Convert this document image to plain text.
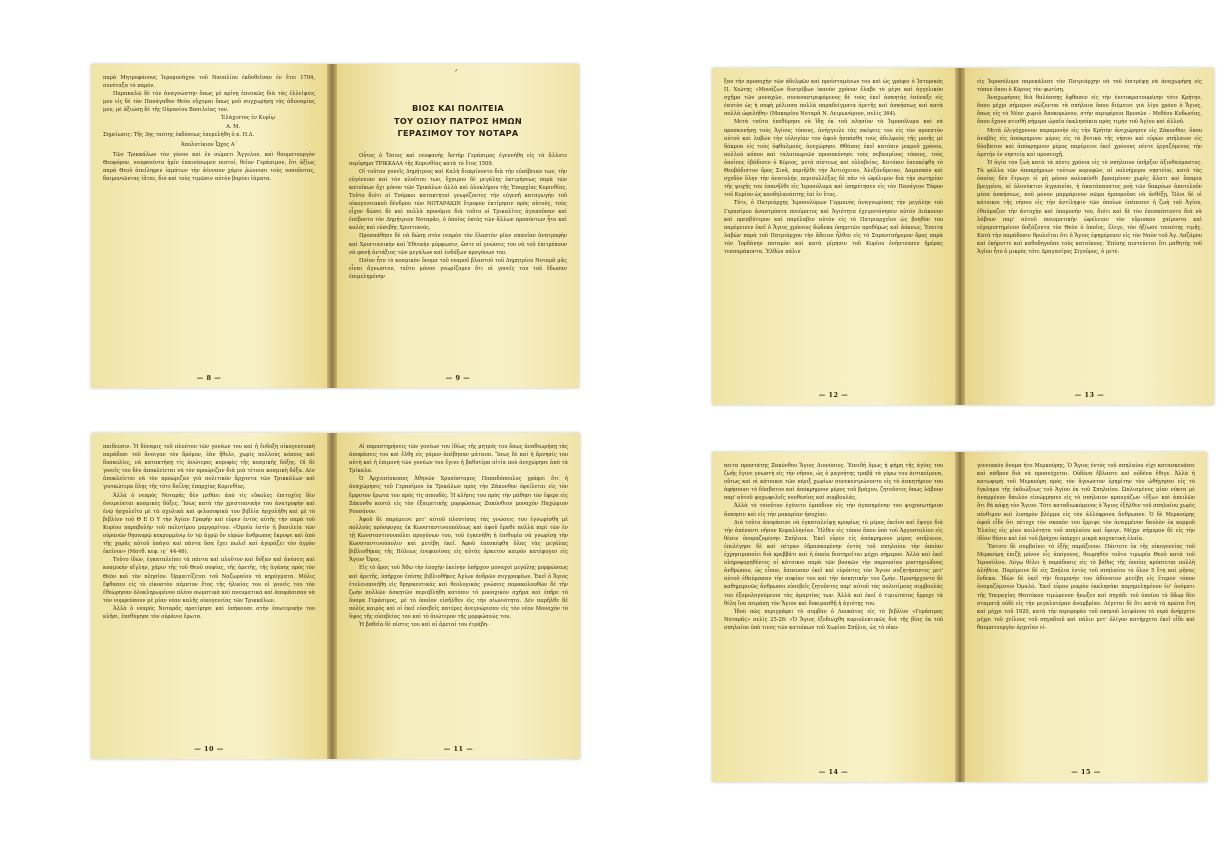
παρά Μητροφάνους Ἱερομονάχου τοῦ Ναυπλίου ἐκδοθεῖσαν ἐν ἔτει 1704, συνέταξα τὸ παρόν.

Παρακαλῶ δὲ τὸν ἀναγνώστην ὅπως μὲ κρίνῃ ἐπιεικῶς διὰ τὰς ἐλλείψεις μου εἰς δὲ τὸν Πανάγαθον Θεὸν εὔχομαι ὅπως μοῦ συγχωρήσῃ τὰς ἀδυναμίας μου, μὲ ἀξιώσῃ δὲ τῆς Οὐρανίου Βασιλείας του.

Ἐλάχιστος ἐν Κυρίῳ

Α. Μ.

Σημείωσις: Τῆς 3ης ταύτης ἐκδόσεως ἐπεμελήθη ὁ κ. Η.Δ.

Ἀπολυτίκιον ᾮχος Α΄

Τῶν Τρικκάλων τὸν γόνον καὶ ἐν σώματι Ἄγγελον, καὶ θαυματουργὸν Θεοφόρον, νεοφανέντα ἡμῖν ἐπαινέσωμεν πιστοί, θεῖον Γεράσιμον, ὅτι ἀξίως παρὰ Θεοῦ ἀπείληφεν ἰαμάτων τὴν ἀένναον χάριν ῥώννυσι τοὺς νοσοῦντας, δαιμονιῶντας ἰᾶται, διὸ καὶ τοὺς τιμῶσιν αὐτὸν βαρύει ἰάματα.

— 8 —
ˊ
ΒΙΟΣ ΚΑΙ ΠΟΛΙΤΕΙΑ
ΤΟΥ ΟΣΙΟΥ ΠΑΤΡΟΣ ΗΜΩΝ
ΓΕΡΑΣΙΜΟΥ ΤΟΥ ΝΟΤΑΡΑ

Οὗτος ὁ Ὅσιος καὶ νεοφανὴς Ἀστὴρ Γεράσιμος ἐγεννήθη εἰς τὰ ἄλλοτε περίφημα ΤΡΙΚΚΑΛΑ τῆς Κορινθίας κατὰ τὸ ἔτος 1509.

Οἱ τοῦτου γονεῖς Δημήτριος καὶ Καλὴ διεκρίνοντο διὰ τὴν εὐσέβειαν των, τὴν εὐγένειαν καὶ τὸν πλοῦτον των, ἔχαιρον δὲ μεγάλης ἐκτιμήσεως παρὰ τῶν κατοίκων ὄχι μόνον τῶν Τρικάλων ἀλλὰ καὶ ὁλοκλήρου τῆς Ἐπαρχίας Κορινθίας. Τοῦτο διότι οἱ Τσόρκοι κατακτηταὶ γνωρίζοντες τὴν εὐγενῆ καταγωγὴν τοῦ οἰκογενειακοῦ δένδρου τῶν ΝΟΤΑΡΑΙΩΝ ἔτρεφον ἐκτίμησιν πρὸς αὐτούς, τοὺς εἶχον δώσει δὲ καὶ πολλὰ προνόμια διὰ τοῦτο οἱ Τρικαλῖτες ἀγαποῦσαν καὶ ἐσέβοντο τὸν Δημήτριον Νοταρᾶν, ὁ ὁποῖος ἐκτὸς τῶν ἄλλων προσόντων ἦτο καὶ καλὸς καὶ εὐσεβὴς Χριστιανός.

Προσπάθησε δὲ νὰ δώσῃ στὸν νεαρὸν τὸν ἔλαστὸν μίαν σπανίαν ἀνατροφὴν καὶ Χριστιανικὴν καὶ Ἐθνικὴν μόρφωσιν, ὥστε αἱ γνώσεις του νὰ τοῦ ἐπιτρέπουν νὰ φανῇ ἀντάξιος τῶν μεγάλων καὶ ἐνδόξων προγόνων του.

Ποῖον ἦτο τὸ κοσμικὸν ὄνομα τοῦ νεαροῦ βλαστοῦ τοῦ Δημητρίου Νοταρᾶ μᾶς εἶναι ἄγνωστον, τοῦτο μόνον γνωρίζομεν ὅτι οἱ γονεῖς του τοῦ ἔδωσαν ἐπιμελημένην

— 9 —

ξαν τὴν προσοχὴν τῶν ἀδελφῶν καὶ προϊσταμένων του καὶ ὡς γράφει ὁ Ἱστορικὸς Π. Χιώτης «Μονάζων διατρίβων ἱκανὸν χρόνον ἔλαβε τὸ μέγα καὶ ἀγγελικὸν σχῆμα τῶν μοναχῶν, συναναστρεφόμενος δὲ τοὺς ἐκεῖ ἀσκητὰς ἐσύναξε εἰς ἑαυτὸν ὡς ἡ σοφὴ μέλισσα πολλὰ παραδείγματα ἀρετῆς καὶ ἀσκήσεως καὶ κατὰ πολλὰ ὠφελήθη» (Μακαρίου Νοταρᾶ Ν. Λειμωνάριον, σελὶς 364).

Μετὰ ταῦτα ἐπεθύμησε νὰ ἴδῃ ἐκ τοῦ πλησίον τὰ Ἱεροσόλυμα καὶ νὰ προσκυνήσῃ τοὺς Ἁγίους τόπους, ἀνήγγειλε τὰς σκέψεις του εἰς τὸν προεστὸν αὐτοῦ καὶ λαβὼν τὴν εὐλογίαν του ἀφοῦ ἠσπάσθη τοὺς ἀδελφοὺς τῆς μονῆς μὲ δάκρυα εἰς τοὺς ὀφθαλμούς, ἀνεχώρησε. Θθάσας ἐκεῖ κατόπιν μικροῦ χρόνου, πολλοὺ κόπου καὶ ταλαιπωριῶν προσεκύνησε τοὺς σεβασμίους τόπους, τοὺς ὁποίους ἐβάδισεν ὁ Κύριος, μετὰ πίστεως καὶ εὐλαβείας. Κατόπιν ἐπεσκέφθη τὸ Θεοβάδιστον ὄρος Σινᾶ, περιῆλθε τὴν Ἀντιόχειαν, Ἀλεξάνδρειαν, Δαμασκὸν καὶ σχεδὸν ὅλην τὴν ἀνατολήν, περισυλλέξας δὲ πᾶν τὸ ὠφέλιμον διὰ τὴν σωτηρίαν τῆς ψυχῆς του ἐπανῆλθε εἰς Ἱεροσόλυμα καὶ ὑπηρέτησεν εἰς τὸν Πανάγιον Τάφον τοῦ Κυρίου ὡς κανδηλανάπτης ἐπὶ ἓν ἔτος.

Τότε, ὁ Πατριάρχης Ἱεροσολύμων Γερμανὸς ἀναγνωρίσας τὴν μεγάλην τοῦ Γερασίμου ἀναστρόπτα πνεύματος καὶ Ἁγιότητα ἐχειροτόνησεν αὐτὸν Διάκονον καὶ πρεσβύτερον καὶ παρέλαβεν αὐτὸν εἰς τὸ Πατριαρχεῖον ὡς βοηθὸν του παρέμεινεν ἐκεῖ ὁ Ἅγιος χρόνους δώδεκα ὑπηρετῶν προθύμως καὶ ἀόκνως. Ἐπειτα λαβὼν παρὰ τοῦ Πατριάρχου τὴν ἄδειαν ἦλθεν εἰς τὸ Σαρανταήμερον ὄρος παρὰ τὸν Ἰορδάνην ποταμὸν καὶ κατὰ μίμησιν τοῦ Κυρίου ἐνήστευσεν ἡμέρας τεσσαράκοντα. Ἐλθὼν πάλιν

— 12 —

εἰς Ἱεροσόλυμα παρεκάλεσε τὸν Πατριάρχην νὰ τοῦ ἐπιτρέψῃ νὰ ἀναχωρήσῃ εἰς τόπον ὅπου ὁ Κύριος τὸν φωτίσῃ.

Ἀναχωρήσας διὰ θαλάσσης ἔφθασεν εἰς τὴν ἑνετοκρατουμένην τότε Κρήτην, ὅπου μέχρι σήμερον σώζονται τὰ σπήλαια ὅπου διέμεινε γιὰ λίγο χρόνο ὁ Ἅγιος, ὅπως εἰς τὸ Νέον χωριὸ Ἀποκορώνου, στὴν περιφέρεια Βρυσῶν - Μεθέου Κυδωνίας, ὅπου ἔχουν κτισθῆ σήμερα ὡραῖα ἐκκλησάκια πρὸς τιμὴν τοῦ Ἁγίου καὶ ἀλλοῦ.

Μετὰ ὀλιγόχρονον παραμονὴν εἰς τὴν Κρήτην ἀνεχώρησεν εἰς Ζάκυνθον, ὅπου ἀναβὰς εἰς ἀπόκρημνον μέρος εἰς τὰ βυτικὰ τῆς νήσου καὶ εὑρὼν σπήλαιον εἰς δύσβατον καὶ ἀπόκρημνον μέρος παρέμεινε ἐκεῖ χρόνους πέντε ἐργαζόμενος τὴν ἀρετὴν ἐν νηστείᾳ καὶ προσευχῇ.

Ἡ ἁγία του ζωὴ κατὰ τὰ πέντε χρόνια εἰς τὸ σπήλαιον ὑπῆρξεν ἀξιοθαύμαστος. Τὰ φύλλα τῶν ἀποκρήμνων τοὐτων κορυφῶν, αἱ πολυήμεροι νηστεῖαι, κατὰ τὰς ὁποίας δὲν ἔτρωγε εἰ μὴ μόνον κολοκύνθι βρασμένον χωρὶς ἅλατι καὶ ὅσπρια βρεγμένα, αἱ ὁλονύκτιοι ἀγρυπνίαι, ἡ ἀκατάπαυστος ροὴ τῶν δακρύων ἀποτελοῦν μέσα ἀσκήσεως, ποῦ μόνον μαρμάρινον σῶμα ἠμποροῦσε νὰ ἀνθέξῃ. Ὅλοι δὲ οἱ κάτοικοι τῆς νήσου εἰς τὴν ἀντίληψιν τῶν ὁποίων ἐπέπεσεν ἡ ζωὴ τοῦ Ἁγίου, ἐθαύμαζον τὴν ἀντοχὴν καὶ ὑπομονήν του, διότι καὶ δὲ τὸν ἐπεσκέπτοντο διὰ νὰ λάβουν παρ' αὐτοῦ πνευματικὴν ὠφέλειαν τὸν εὕρισκον χαίροντα καὶ εὐχαριστημένον δοξάζοντα τὸν Θεὸν ὁ ὁποῖος, ἔλεγε, τὸν ἠξίωσε τοιαύτης τιμῆς. Κατὰ τὴν παράδοσιν θρυλεῖται ὅτι ὁ Ἅγιος ἐφημέρευεν εἰς τὸν Ναὸν τοῦ Ἁγ. Λαζάρου καὶ ἐκήρυττε καὶ καθοδηγοῦσε τοὺς κατοίκους. Ἐπίσης πιστεύεται ὅτι μαθητὴς τοῦ Ἁγίου ἦτο ὁ μικρὸς τότε Δραγανίγος Σιγοῦρος, ὁ μετέ-

— 13 —

παιδευσιν. Ἡ δύναμις τοῦ πλούτου τῶν γονέων του καὶ ἡ ἔνδοξη οἰκογενειακὴ παράδοσι τοῦ ἄνοιγαν τὸν δρόμον, ἐὰν ἤθελε, χωρὶς πολλοὺς κόπους καὶ δυσκολίες, νὰ κατακτήσῃ τὶς ἀνώτερες κορυφὲς τῆς κοσμικῆς δόξης. Οἱ δὲ γονεῖς του δὲν ἀποκλείεται νὰ τὸν προώριζαν διὰ μιὰ τέτοια κοσμικὴ δόξα. Δὲν ἀποκλείεται νὰ τὸν προώριζαν γιὰ πολιτικὸν ἄρχοντα τῶν Τρικκάλων καὶ γενικώτερα ὅλης τῆς τότε δαΐλης ἐπαρχίας Κορινθίας.

Ἀλλὰ ὁ νεαρὸς Νοταρᾶς δὲν μεθάει ἀπὸ τὶς εὔκολες ἐπιτυχίες δὲν ὀνειρεύεται κοσμικὲς δόξες. Ἴσως κατὰ τὴν χριστιανικὴν του ἀνατροφὴν καὶ ἐνῷ ἠσχολεῖτο μὲ τὰ σχολικὰ καὶ φιλοσοφικὰ του βιβλία ἠσχολήθη καὶ μὲ τὸ βιβλίον τοῦ Θ Ε Ο Υ τὴν Ἁγίαν Γραφὴν καὶ εὗρεν ἐντὸς αὐτῆς τὴν παρὰ τοῦ Κυρίου παραβολὴν τοῦ πολυτίμου μαργαρίτου. «Ὁμοία ἐστὶν ἡ βασιλεία τῶν οὐρανῶν θησαυρῷ κεκρυμμένῳ ἐν τῷ ἀγρῷ ὃν εὑρὼν ἄνθρωπος ἔκρυψε καὶ ἀπὸ τῆς χαρᾶς αὐτοῦ ὑπάγει καὶ πάντα ὅσα ἔχει πωλεῖ καὶ ἀγοράζει τὸν ἀγρὸν ἐκεῖνον» (Ματθ. κεφ. ιγ΄ 44-46).

Τοῦτο ἰδών, ἐγκαταλείπει τὰ πάντα καὶ πλοῦτον καὶ δόξαν καὶ ἀνέσεις καὶ κοσμικὴν αἴγλην, χάριν τῆς τοῦ Θεοῦ σοφίας, τῆς ἀρετῆς, τῆς ἀγάπης πρὸς τὸν Θεὸν καὶ τὸν πλησίον. Ὁρμαιτίζεται τοῦ Ναζωραίου τὰ κηρύγματα. Μόλις ἔφθασεν εἰς τὸ εἰκοστὸν πέμπτον ἔτος τῆς ἡλικίας του οἱ γονεῖς του τὸν ἐθεώρησαν ὁλοκληρωμένον πλέον σωματικὰ καὶ πνευματικὰ καὶ ἀπεφάσισαν νὰ τὸν νυμφεύσουν μὲ μίαν νέαν καλῆς οἰκογενείας τῶν Τρικκάλων.

Ἀλλὰ ὁ νεαρὸς Νοταρᾶς προτίμησε καὶ ὑπήκουσε στὴν ἐσωτερικὴν του κλῆσι, ἐπεθύμησε τὸν οὐράνιο ἔρωτα.

— 10 —

Αἱ παραστηρήσεις τῶν γονέων του ἰδίως τῆς μητρός του ὅπως ἀναθεωρήσῃ τὰς ἀποφάσεις του καὶ ἔλθῃ εἰς γάμον ἀπέβησαν μάταιαι. Ἴσως δὲ καὶ ἡ ἄρνησίς του αὐτὴ καὶ ἡ ἐπιμονὴ τῶν γονέων του ἔγινε ἡ βαθυτέρα αἰτία ποὺ ἀνεχώρησε ἀπὸ τὰ Τρίκαλα.

Ὁ Ἀρχιεπίσκοπος Ἀθηνῶν Χρυσόστομος Παπαδόπουλος γράφει ὅτι ἡ ἀναχώρησις τοῦ Γερασίμου ἐκ Τρικάλων πρὸς τὴν Ζάκυνθον ὀφείλεται εἰς τὸν ἔμφυτον ἔρωτα του πρὸς τὶς σπουδές. Ἡ κλῆσις του πρὸς τὴν μάθησι τὸν ἔφερε εἰς Ζάκυνθο κοντὰ εἰς τὸν ἐξαιρετικῆς μορφώσεως Ζακύνθιον μοναχὸν Παχώμιον Ρουσάνον.

Ἀφοῦ δὲ παρέμεινε μετ' αὐτοῦ πλουτίσας τὰς γνώσεις του ἐγνωρίσθη μὲ πολλοὺς πρόσφυγας ἐκ Κωνσταντινουπόλεως καὶ ἀφοῦ ἔμαθε πολλὰ περὶ τῶν ἐν τῇ Κωνσταντινουπόλει προγόνων του, τοῦ ἐγκενήθη ἡ ἐπιθυμία νὰ γνωρίσῃ τὴν Κωνσταντινούπολιν καὶ μετέβη ἐκεῖ. Ἀφοῦ ἐπεσκέφθη ὅλας τὰς μεγάλας βιβλιοθήκας τῆς Πόλεως ἐνεφανίσας εἰς αὐτὰς ἀρκετὸν καιρὸν κατέφυγεν εἰς Ἅγιον Ὄρος.

Εἰς τὸ ὄρος τοῦ Ἄθω τὴν ἐποχὴν ἐκείνην ὑπῆρχον μοναχοὶ μεγάλης μορφώσεως καὶ ἀρετῆς, ὑπῆρχον ἐπίσης βιβλιοθῆκες Ἁγίων ἀνδρῶν συγγραφέων. Ἐκεῖ ὁ Ἅγιος ἐτελειοποιήθη εἰς θρησκευτικὰς καὶ θεολογικὰς γνώσεις παρακολουθῶν δὲ τὴν ζωὴν πολλῶν ἀσκητῶν περιεβλήθη κατόπιν τὸ μοναχικὸν σχῆμα καὶ ἐπῆρε τὸ ὄνομα Γεράσιμος, μὲ τὸ ὁποῖον εἰσῆλθεν εἰς τὴν αἰωνιότητα. Δὲν παρῆλθε δὲ πολὺς καιρὸς καὶ οἱ ἐκεῖ εὐσεβεῖς πατέρες ἀνεγνώρισαν εἰς τὸν νέον Μοναχὸν τὸ ὕψος τῆς εὐσεβείας του καὶ τὸ ἀνώτερον τῆς μορφώσεώς του.

Ἡ βαθεῖα δὲ πίστις του καὶ αἱ ἀρεταί του ἐτράβη-

— 11 —

πειτα προστάτης Ζακύνθου Ἅγιος Διονύσιος. Ἐπειδὴ ὅμως ἡ φήμη τῆς ἁγίας του ζωῆς ἔγινε γνωστὴ εἰς τὴν νῆσον, ὡς ὁ μαγνήτης τραβᾷ τὰ γύρω του ἀντικείμενα, οὕτως καὶ οἱ κάτοικοι τῶν πέριξ χωρίων συνεκεντρώνοντο εἰς τὸ ἀσκητήριον του ἀφήσουσι τὸ δύσβατον καὶ ἀπόκρημνον μέρος τοῦ βράχου, ζητοῦντες ὅπως λάβουν παρ' αὐτοῦ ψυχωφελεῖς νουθεσίας καὶ συμβουλάς.

Ἀλλὰ τὸ τοιοῦτον ἐγένετο ἐμπόδιον εἰς τὴν ἀγαπημένην του ψυχοσωτήριον ἄσκησιν καὶ εἰς τὴν μακαρίαν ἡσυχίαν.

Διὰ τοῦτο ἀπεφάσισε νὰ ἐγκαταλείψῃ κρυφίως τὸ μέρος ἐκεῖνο καὶ ἔφυγε διὰ τὴν ἀπέναντι νῆσον Κεφαλληνίαν. Ἦλθεν εἰς τόπον ὅπου ὑπὸ τοῦ Ἀργοστολίου εἰς θέσιν ὀνομαζομένην Σπήλαια. Ἐκεῖ εὗρεν εἰς ἀπόκρημνον μέρος σπήλαιον, ἐπελέγησε δὲ καὶ πέτραν ἐδρασκομένην ἐντὸς τοῦ σπηλαίου τὴν ὁποίαν ἐχρησιμοποίει διὰ κρεββάτι καὶ ἡ ὁποία διατηρεῖται μέχρι σήμερον. Ἀλλὰ καὶ ἐκεῖ πληροφορηθέντες οἱ κάτοικοι παρὰ τῶν βοσκῶν τὴν παρουσίαν μυστηριώδους ἀνθρώπου, ὡς εἶπον, ἔσπευσαν ἐκεῖ καὶ εὑρόντες τὸν Ἅγιον συζητήσαντες μετ' αὐτοῦ ἐθαύμασαν τὴν σοφίαν του καὶ τὴν ἀσκητικὴν του ζωήν. Προσήρχοντο δὲ καθημερινῶς ἄνθρωποι εὐσεβεῖς ζητοῦντες παρ' αὐτοῦ τὰς πολυτίμους συμβουλάς του ἐξομολογούμενοι τὰς ἁμαρτίας των. Ἀλλὰ καὶ ἐκεῖ ὁ τιμιώτατος ἔρρεχε τὰ θέλη ἵνα πειράσῃ τὸν Ἅγιον καὶ δοκιμασθῇ ἡ ἀγιότης του.

Ἰδοὺ πῶς περιγράφει τὸ συμβὰν ὁ Λουκάτος εἰς τὸ βιβλίον «Γεράσιμος Νοταρᾶς» σελὶς 25-26: «Ὁ Ἅγιος ἐξεδιώχθη κυριολεκτικῶς διὰ τῆς βίας ἐκ τοῦ σπηλαίου ὑπὸ τινος τῶν κατοίκων τοῦ Χωρίου Σπήλια, ὡς τὸ οἰκο-

— 14 —

γενειακὸν ὄνομα ἦτο Μερκούρης. Ὁ Ἅγιος ἐντὸς τοῦ σπηλαίου εἶχε κατασκευάσει καὶ πάθρον διὰ νὰ προσεύχεται. Οὐδένα ἔβλαπτε καὶ οὐδένα ἔθιγε. Ἀλλὰ ἡ κατωφερὴ τοῦ Μερκούρη πρὸς τὸν ἄγνωστον ἐρημίτην τὸν ὠθήγησεν εἰς τὸ ἔγκλημα τῆς ἐκδιώξεως τοῦ Ἁγίου ἐκ τοῦ Σπηλαίου. Ὡπλισμένος μίαν νύκτα μὲ ἀναμμένον δαυλὸν εἰσώρμησεν εἰς τὸ σπήλαιον κραυγάζων «ἔξω» καὶ ἀπειλῶν ὅτι θὰ κάψῃ τὸν Ἅγιον. Τότε καταδιωκόμενος ὁ Ἅγιος ἐξῆλθεν τοῦ σπηλαίου χωρὶς πένθιμον καὶ λυπηρὸν βλέμμα εἰς τὸν ἀλλόφρονα ἄνθρωπον. Ὁ δὲ Μερκούρης ἀφοῦ εἶδε ὅτι πέτυχε τὸν σκοπὸν του ἔρριψε τὸν ἀναμμένον δαυλὸν ἐκ κορμοῦ Ἐλαίας εἰς μίαν κοιλότητα τοῦ σπηλαίου καὶ ἔφυγε. Μέχρι σήμερον δὲ εἰς τὴν ἰδίαν θέσιν καὶ ἐπὶ τοῦ βράχου ὑπάρχει μικρὰ καχεκτικὴ ἐλαία.

Ἔκτοτε δὲ συμβαίνει τὸ ἑξῆς παράξενον. Πάντοτε ἐκ τῆς οἰκογενείας τοῦ Μερκούρη ἐπιζῇ μόνον εἷς ἀπόγονος, θεωρηθὲν τοῦτο τιμωρία Θεοῦ κατὰ τοῦ Ἱεροσύλου. Λόγῳ θέλει ἡ παράδοσις εἰς τὸ βάθος τῆς ὁποίας κρύπτεται πολλὴ ἀλήθεια. Παρέμεινε δὲ εἰς Σπήλια ἐντὸς τοῦ σπηλαίου τὸ ὅλον 5 ἔτη καὶ μῆνας ἕνδεκα. Ἰδὼν δὲ ἐκεῖ τὴν διαμονὴν του ἀδύνατον μετέβη εἰς ἕτερον τόπον ὀνομαζόμενον Ὀμαλά. Ἐκεῖ εὗρον μικρὸν ἐκκλησάκι παρημελημένον ἐν' ὀνόματι τῆς Υπεραγίας Θεοτόκου τιμώμενον ἥνωξεν καὶ πηγάδι τοῦ ὁποίου τὸ ὕδωρ δὲν σταματᾷ οὐδὲ εἰς τὴν μεγαλυτέραν ἀνομβρίαν. Λέγεται δὲ ὅτι κατὰ τὰ πρῶτα ἔτη καὶ μέχρι τοῦ 1920, κατὰ τὴν περιφορὰν τοῦ σκηνοῦ λειψάνου τὸ νερὸ ἀνήρχετο μέχρι τοῦ χείλους τοῦ πηγαδιοῦ καὶ πάλιν μετ' ὀλίγον κατήρχετο ἐκεῖ εἶδε καὶ θαυματουργὸν ἀρχαῖαν εἰ-

— 15 —
